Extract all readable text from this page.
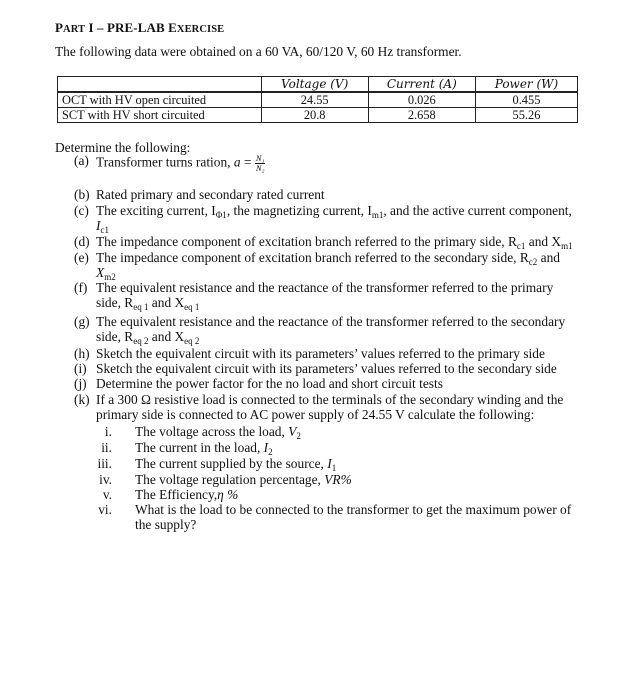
PART I – PRE-LAB EXERCISE
The following data were obtained on a 60 VA, 60/120 V, 60 Hz transformer.
	Voltage (V)	Current (A)	Power (W)
OCT with HV open circuited	24.55	0.026	0.455
SCT with HV short circuited	20.8	2.658	55.26
Determine the following:
(a) Transformer turns ration, $a = \frac{\text{N₁}}{\text{N₂}}$
(b) Rated primary and secondary rated current
(c) The exciting current, $I_{\Phi 1}$, the magnetizing current, $I_{m1}$, and the active current component,
$I_{c1}$
(d) The impedance component of excitation branch referred to the primary side, $R_{c1}$ and $X_{m1}$
(e) The impedance component of excitation branch referred to the secondary side, $R_{c2}$ and
$X_{m2}$
(f) The equivalent resistance and the reactance of the transformer referred to the primary
side, $R_{eq 1}$ and $X_{eq 1}$
(g) The equivalent resistance and the reactance of the transformer referred to the secondary
side, $R_{eq 2}$ and $X_{eq 2}$
(h) Sketch the equivalent circuit with its parameters’ values referred to the primary side
(i) Sketch the equivalent circuit with its parameters’ values referred to the secondary side
(j) Determine the power factor for the no load and short circuit tests
(k) If a 300 Ω resistive load is connected to the terminals of the secondary winding and the
primary side is connected to AC power supply of 24.55 V calculate the following:
i. The voltage across the load, $V_2$
ii. The current in the load, $I_2$
iii. The current supplied by the source, $I_1$
iv. The voltage regulation percentage, VR%
v. The Efficiency,η %
vi. What is the load to be connected to the transformer to get the maximum power of
the supply?
